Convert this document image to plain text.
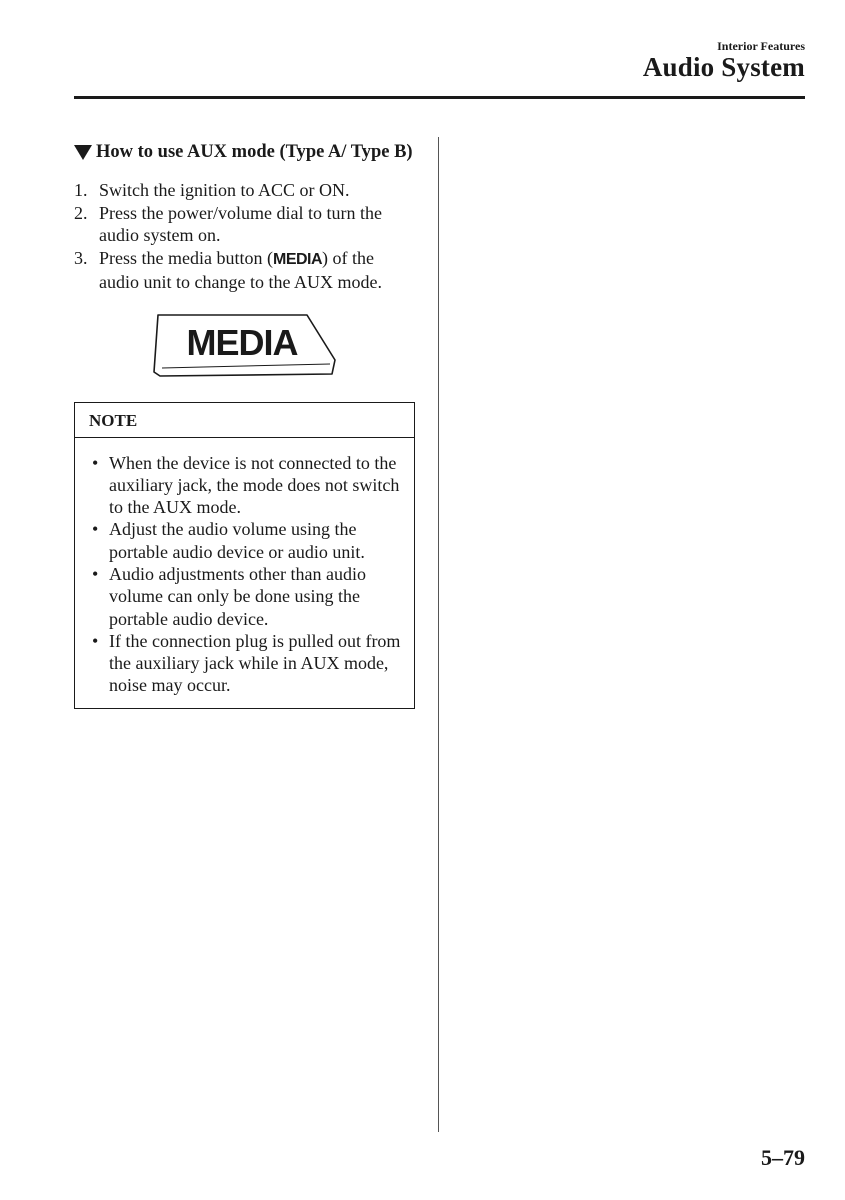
Interior Features
Audio System
How to use AUX mode (Type A/ Type B)
1. Switch the ignition to ACC or ON.
2. Press the power/volume dial to turn the audio system on.
3. Press the media button (MEDIA) of the audio unit to change to the AUX mode.
MEDIA
NOTE
• When the device is not connected to the auxiliary jack, the mode does not switch to the AUX mode.
• Adjust the audio volume using the portable audio device or audio unit.
• Audio adjustments other than audio volume can only be done using the portable audio device.
• If the connection plug is pulled out from the auxiliary jack while in AUX mode, noise may occur.
5–79
